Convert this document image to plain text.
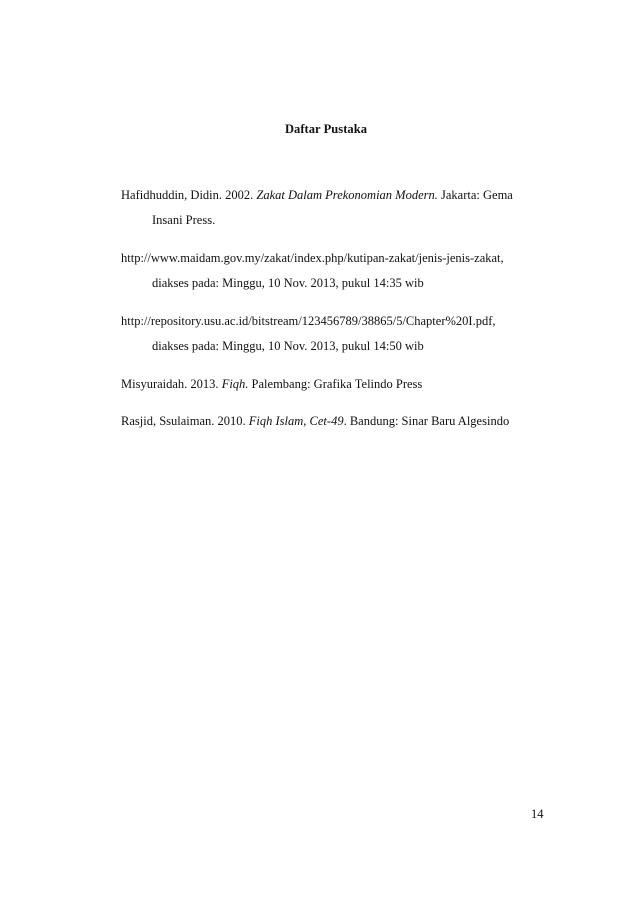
Daftar Pustaka
Hafidhuddin, Didin. 2002. Zakat Dalam Prekonomian Modern. Jakarta: Gema
Insani Press.
http://www.maidam.gov.my/zakat/index.php/kutipan-zakat/jenis-jenis-zakat,
diakses pada: Minggu, 10 Nov. 2013, pukul 14:35 wib
http://repository.usu.ac.id/bitstream/123456789/38865/5/Chapter%20I.pdf,
diakses pada: Minggu, 10 Nov. 2013, pukul 14:50 wib
Misyuraidah. 2013. Fiqh. Palembang: Grafika Telindo Press
Rasjid, Ssulaiman. 2010. Fiqh Islam, Cet-49. Bandung: Sinar Baru Algesindo
14
